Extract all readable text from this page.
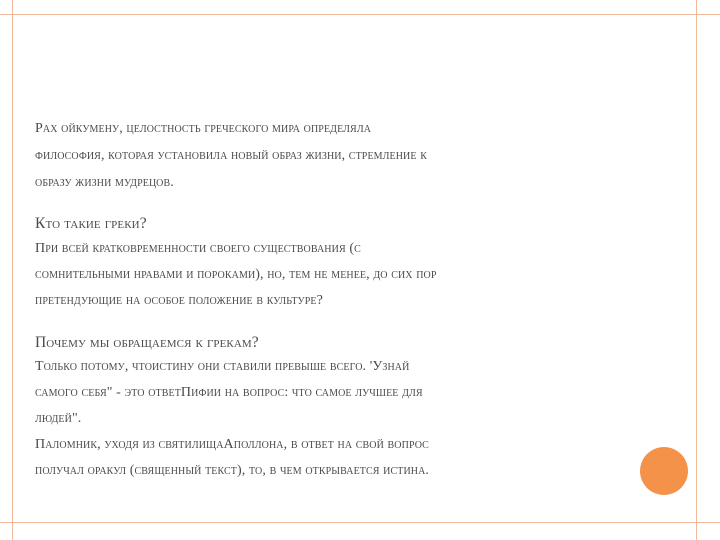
Рах ойкумену, целостность греческого мира определяла
философия, которая установила новый образ жизни, стремление к
образу жизни мудрецов.
Кто такие греки?
При всей кратковременности своего существования (с
сомнительными нравами и пороками), но, тем не менее, до сих пор
претендующие на особое положение в культуре?
Почему мы обращаемся к грекам?
Только потому, чтоистину они ставили превыше всего. 'Узнай
самого себя" - это ответПифии на вопрос: что самое лучшее для
людей".
Паломник, уходя из святилищаАполлона, в ответ на свой вопрос
получал оракул (священный текст), то, в чем открывается истина.
